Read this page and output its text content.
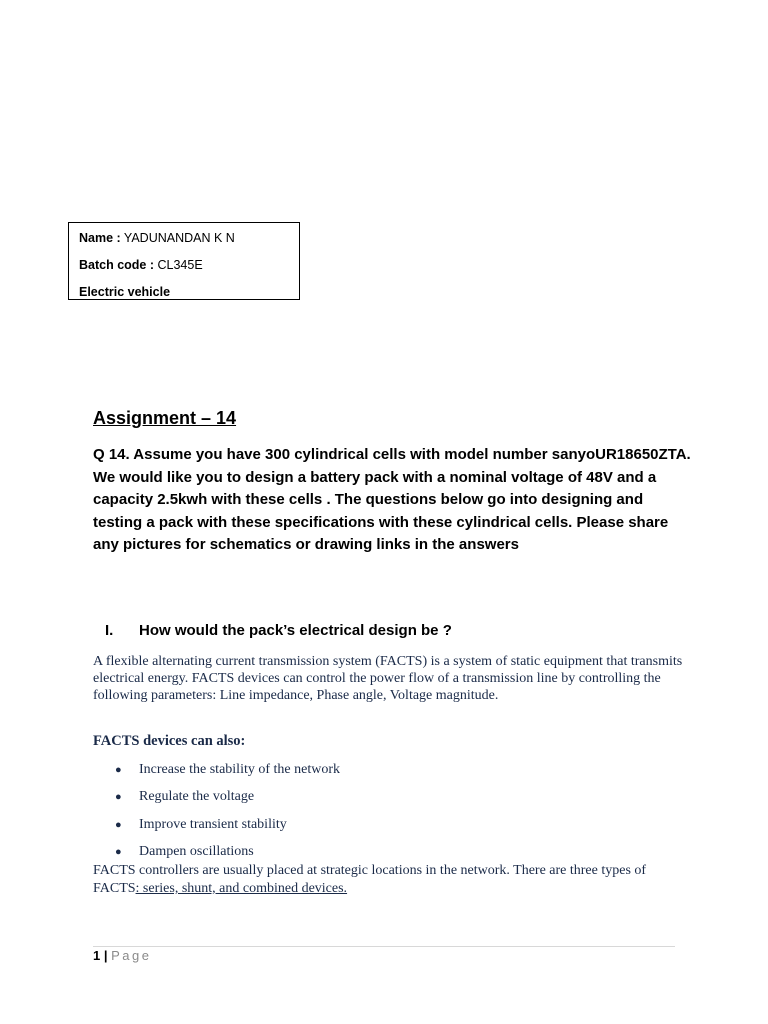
Name : YADUNANDAN K N
Batch code : CL345E
Electric vehicle
Assignment – 14
Q 14. Assume you have 300 cylindrical cells with model number sanyoUR18650ZTA. We would like you to design a battery pack with a nominal voltage of 48V and a capacity 2.5kwh with these cells . The questions below go into designing and testing a pack with these specifications with these cylindrical cells. Please share any pictures for schematics or drawing links in the answers
I. How would the pack’s electrical design be ?
A flexible alternating current transmission system (FACTS) is a system of static equipment that transmits electrical energy. FACTS devices can control the power flow of a transmission line by controlling the following parameters: Line impedance, Phase angle, Voltage magnitude.
FACTS devices can also:
● Increase the stability of the network
● Regulate the voltage
● Improve transient stability
● Dampen oscillations
FACTS controllers are usually placed at strategic locations in the network. There are three types of FACTS: series, shunt, and combined devices.
1 | Page
